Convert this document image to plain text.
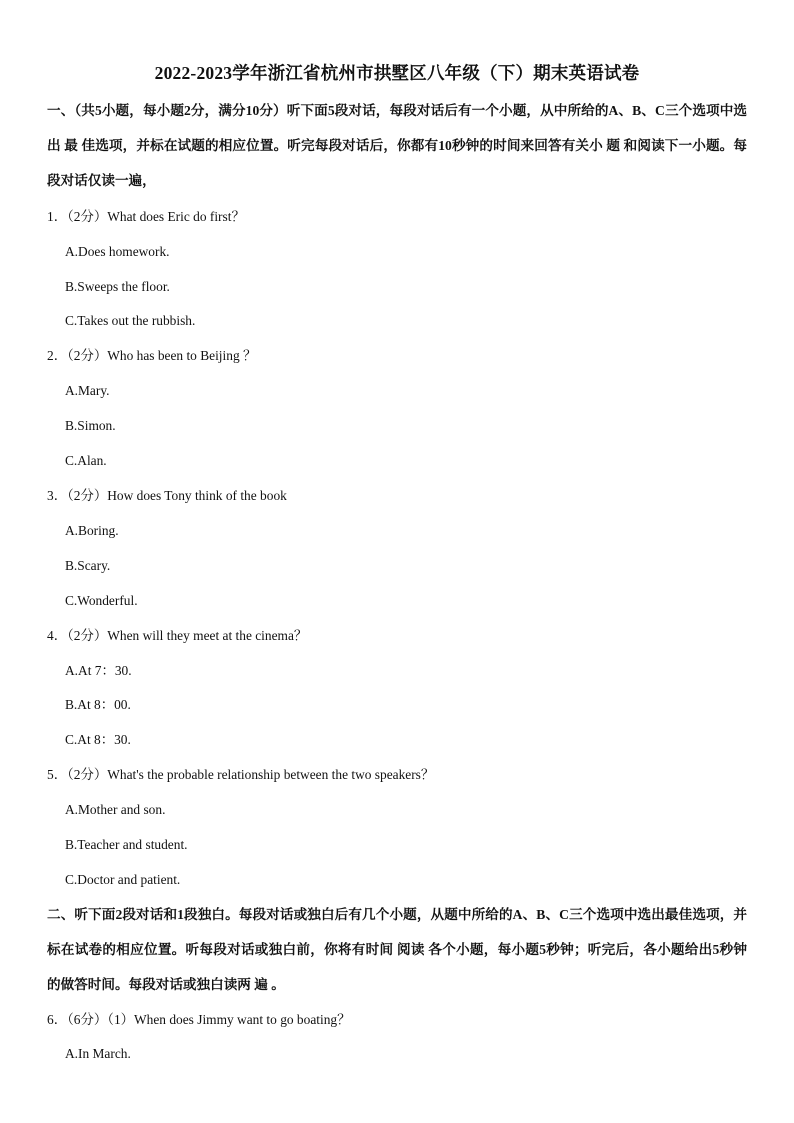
2022-2023学年浙江省杭州市拱墅区八年级（下）期末英语试卷
一、（共5小题，每小题2分，满分10分）听下面5段对话，每段对话后有一个小题，从中所给的A、B、C三个选项中选出 最 佳选项，并标在试题的相应位置。听完每段对话后，你都有10秒钟的时间来回答有关小 题 和阅读下一小题。每段对话仅读一遍，
1．（2分）What does Eric do first？
A.Does homework.
B.Sweeps the floor.
C.Takes out the rubbish.
2．（2分）Who has been to Beijing ？
A.Mary.
B.Simon.
C.Alan.
3．（2分）How does Tony think of the book
A.Boring.
B.Scary.
C.Wonderful.
4．（2分）When will they meet at the cinema？
A.At 7：30.
B.At 8：00.
C.At 8：30.
5．（2分）What's the probable relationship between the two speakers？
A.Mother and son.
B.Teacher and student.
C.Doctor and patient.
二、听下面2段对话和1段独白。每段对话或独白后有几个小题，从题中所给的A、B、C三个选项中选出最佳选项，并标在试卷的相应位置。听每段对话或独白前，你将有时间 阅读 各个小题，每小题5秒钟；听完后，各小题给出5秒钟的做答时间。每段对话或独白读两 遍 。
6．（6分）（1）When does Jimmy want to go boating？
A.In March.
